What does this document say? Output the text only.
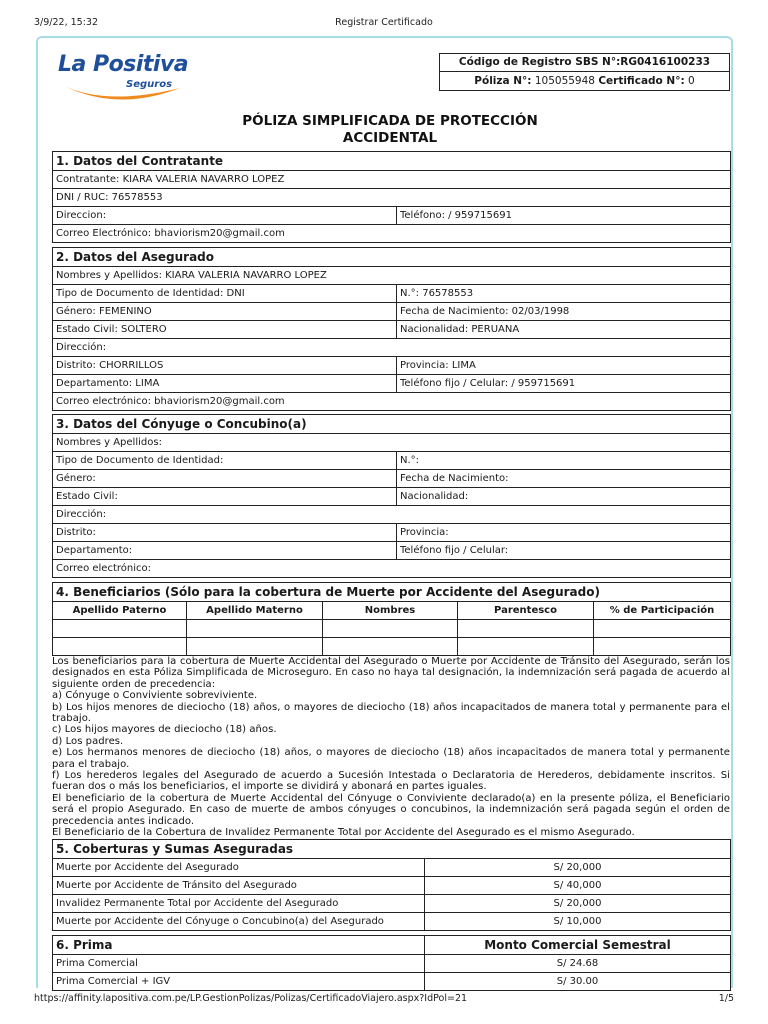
3/9/22, 15:32	Registrar Certificado
La Positiva
Seguros
Código de Registro SBS N°:RG0416100233
Póliza N°: 105055948 Certificado N°: 0
PÓLIZA SIMPLIFICADA DE PROTECCIÓN
ACCIDENTAL
1. Datos del Contratante
Contratante: KIARA VALERIA NAVARRO LOPEZ
DNI / RUC: 76578553
Direccion:	Teléfono: / 959715691
Correo Electrónico: bhaviorism20@gmail.com
2. Datos del Asegurado	
Nombres y Apellidos: KIARA VALERIA NAVARRO LOPEZ	
Tipo de Documento de Identidad: DNI	N.°: 76578553
Género: FEMENINO	Fecha de Nacimiento: 02/03/1998
Estado Civil: SOLTERO	Nacionalidad: PERUANA
Dirección:	
Distrito: CHORRILLOS	Provincia: LIMA
Departamento: LIMA	Teléfono fijo / Celular: / 959715691
Correo electrónico: bhaviorism20@gmail.com	
3. Datos del Cónyuge o Concubino(a)	
Nombres y Apellidos:	
Tipo de Documento de Identidad:	N.°:
Género:	Fecha de Nacimiento:
Estado Civil:	Nacionalidad:
Dirección:	
Distrito:	Provincia:
Departamento:	Teléfono fijo / Celular:
Correo electrónico:	
4. Beneficiarios (Sólo para la cobertura de Muerte por Accidente del Asegurado)				
Apellido Paterno	Apellido Materno	Nombres	Parentesco	% de Participación

Los beneficiarios para la cobertura de Muerte Accidental del Asegurado o Muerte por Accidente de Tránsito del Asegurado, serán los designados en esta Póliza Simplificada de Microseguro. En caso no haya tal designación, la indemnización será pagada de acuerdo al siguiente orden de precedencia:

a) Cónyuge o Conviviente sobreviviente.

b) Los hijos menores de dieciocho (18) años, o mayores de dieciocho (18) años incapacitados de manera total y permanente para el trabajo.

c) Los hijos mayores de dieciocho (18) años.

d) Los padres.

e) Los hermanos menores de dieciocho (18) años, o mayores de dieciocho (18) años incapacitados de manera total y permanente para el trabajo.

f) Los herederos legales del Asegurado de acuerdo a Sucesión Intestada o Declaratoria de Herederos, debidamente inscritos. Si fueran dos o más los beneficiarios, el importe se dividirá y abonará en partes iguales.

El beneficiario de la cobertura de Muerte Accidental del Cónyuge o Conviviente declarado(a) en la presente póliza, el Beneficiario será el propio Asegurado. En caso de muerte de ambos cónyuges o concubinos, la indemnización será pagada según el orden de precedencia antes indicado.

El Beneficiario de la Cobertura de Invalidez Permanente Total por Accidente del Asegurado es el mismo Asegurado.

5. Coberturas y Sumas Aseguradas	
Muerte por Accidente del Asegurado	S/ 20,000
Muerte por Accidente de Tránsito del Asegurado	S/ 40,000
Invalidez Permanente Total por Accidente del Asegurado	S/ 20,000
Muerte por Accidente del Cónyuge o Concubino(a) del Asegurado	S/ 10,000
6. Prima	Monto Comercial Semestral
Prima Comercial	S/ 24.68
Prima Comercial + IGV	S/ 30.00
https://affinity.lapositiva.com.pe/LP.GestionPolizas/Polizas/CertificadoViajero.aspx?IdPol=21	1/5
